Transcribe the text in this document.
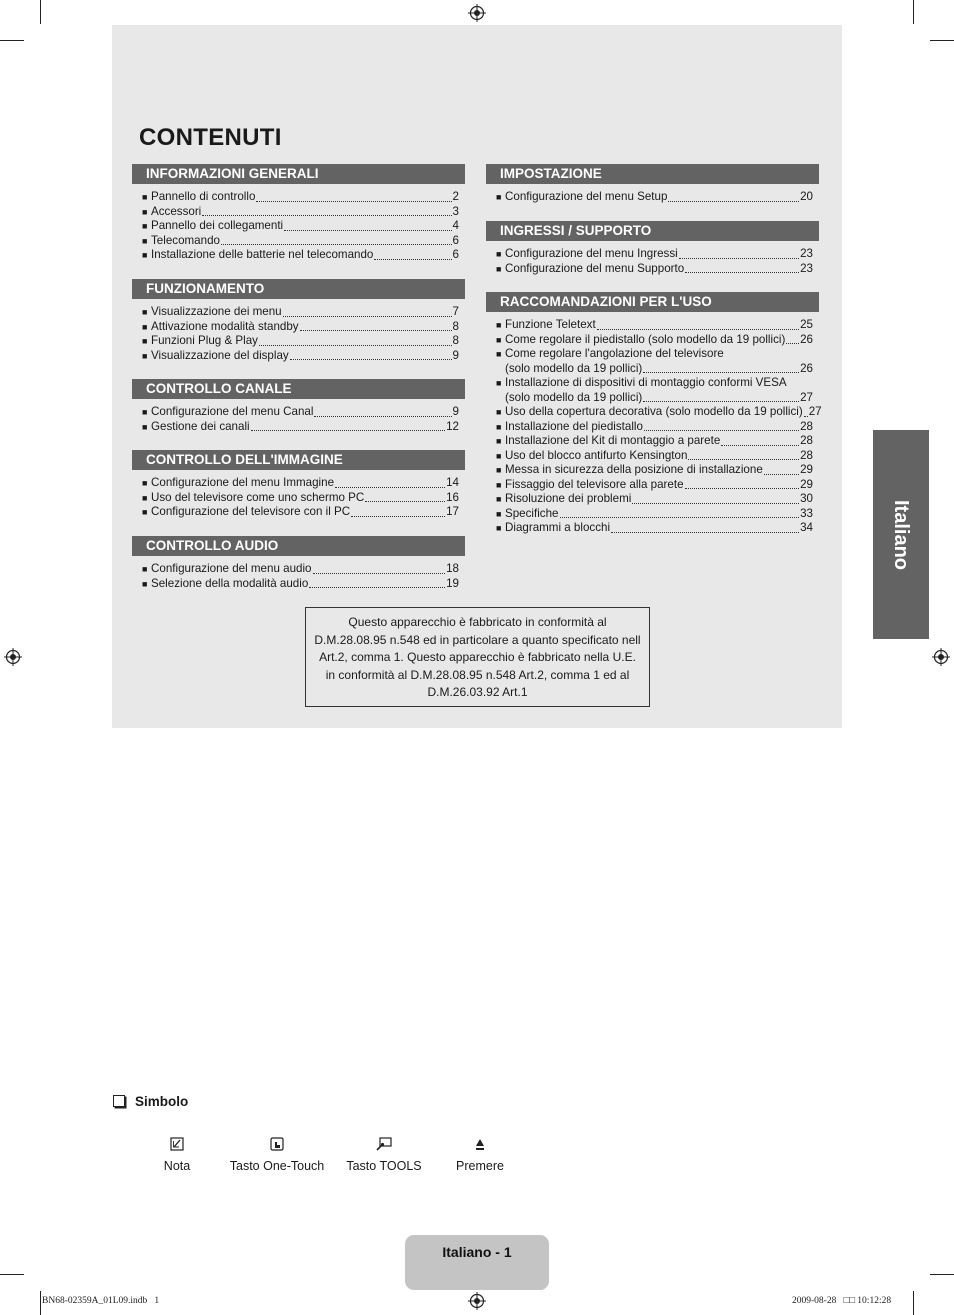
CONTENUTI
INFORMAZIONI GENERALI
■ Pannello di controllo	2
■ Accessori	3
■ Pannello dei collegamenti	4
■ Telecomando	6
■ Installazione delle batterie nel telecomando	6
FUNZIONAMENTO
■ Visualizzazione dei menu	7
■ Attivazione modalità standby	8
■ Funzioni Plug & Play	8
■ Visualizzazione del display	9
CONTROLLO CANALE
■ Configurazione del menu Canal	9
■ Gestione dei canali	12
CONTROLLO DELL'IMMAGINE
■ Configurazione del menu Immagine	14
■ Uso del televisore come uno schermo PC	16
■ Configurazione del televisore con il PC	17
CONTROLLO AUDIO
■ Configurazione del menu audio	18
■ Selezione della modalità audio	19
IMPOSTAZIONE
■ Configurazione del menu Setup	20
INGRESSI / SUPPORTO
■ Configurazione del menu Ingressi	23
■ Configurazione del menu Supporto	23
RACCOMANDAZIONI PER L'USO
■ Funzione Teletext	25
■ Come regolare il piedistallo (solo modello da 19 pollici) 26
■ Come regolare l'angolazione del televisore
(solo modello da 19 pollici)	26
■ Installazione di dispositivi di montaggio conformi VESA
(solo modello da 19 pollici)	27
■ Uso della copertura decorativa (solo modello da 19 pollici) 27
■ Installazione del piedistallo	28
■ Installazione del Kit di montaggio a parete	28
■ Uso del blocco antifurto Kensington	28
■ Messa in sicurezza della posizione di installazione	29
■ Fissaggio del televisore alla parete	29
■ Risoluzione dei problemi	30
■ Specifiche	33
■ Diagrammi a blocchi	34
Questo apparecchio è fabbricato in conformità al
D.M.28.08.95 n.548 ed in particolare a quanto specificato nell
Art.2, comma 1. Questo apparecchio è fabbricato nella U.E.
in conformità al D.M.28.08.95 n.548 Art.2, comma 1 ed al
D.M.26.03.92 Art.1
Italiano
Simbolo
Nota	Tasto One-Touch	Tasto TOOLS	Premere
Italiano - 1
BN68-02359A_01L09.indb   1	2009-08-28   □□ 10:12:28
